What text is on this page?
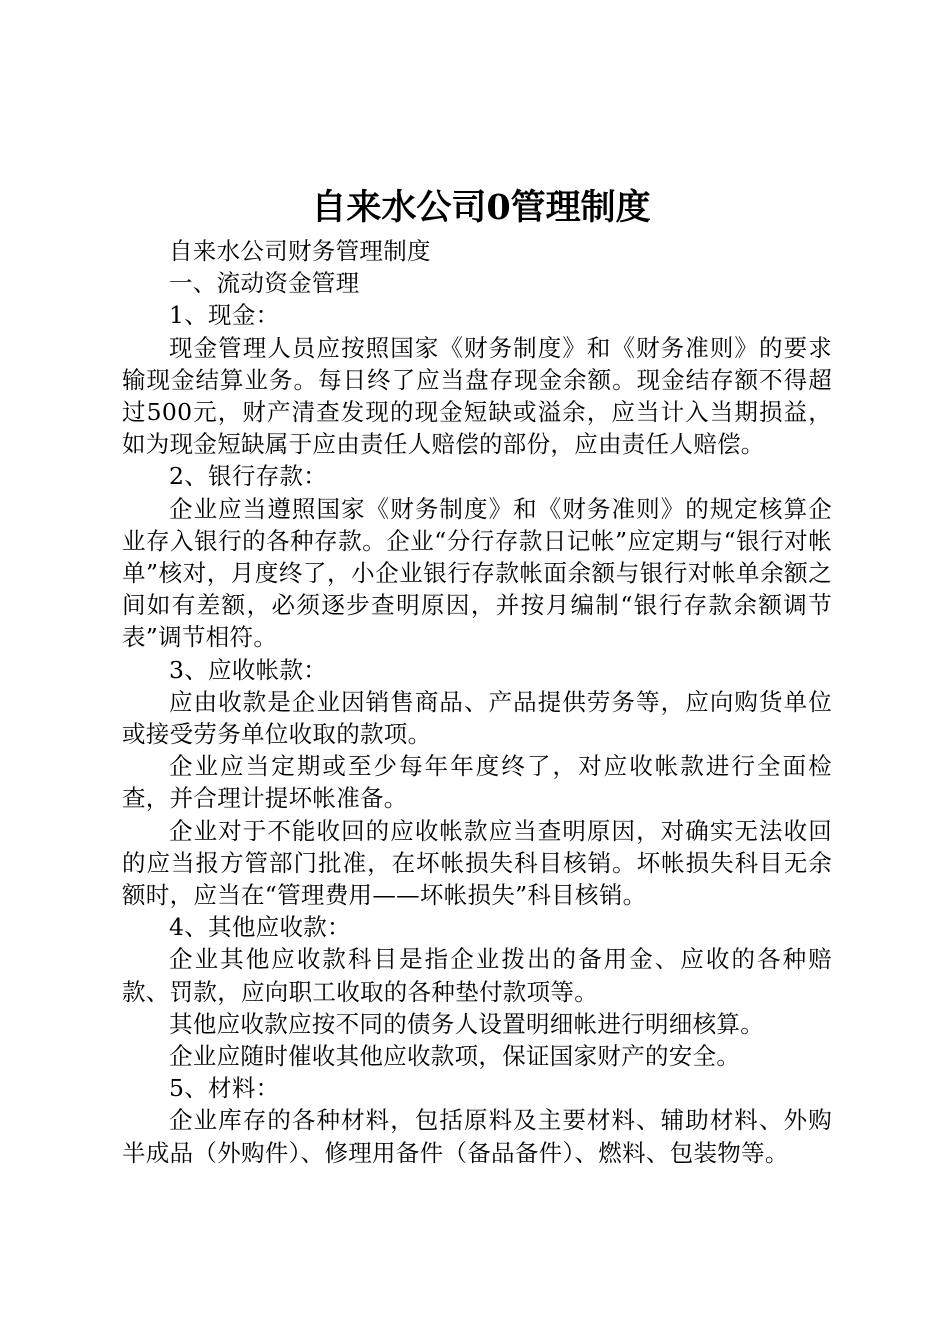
自来水公司0管理制度

自来水公司财务管理制度

一、流动资金管理

1、现金：

现金管理人员应按照国家《财务制度》和《财务准则》的要求输现金结算业务。每日终了应当盘存现金余额。现金结存额不得超过500元，财产清查发现的现金短缺或溢余，应当计入当期损益，如为现金短缺属于应由责任人赔偿的部份，应由责任人赔偿。

2、银行存款：

企业应当遵照国家《财务制度》和《财务准则》的规定核算企业存入银行的各种存款。企业“分行存款日记帐”应定期与“银行对帐单”核对，月度终了，小企业银行存款帐面余额与银行对帐单余额之间如有差额，必须逐步查明原因，并按月编制“银行存款余额调节表”调节相符。

3、应收帐款：

应由收款是企业因销售商品、产品提供劳务等，应向购货单位或接受劳务单位收取的款项。

企业应当定期或至少每年年度终了，对应收帐款进行全面检查，并合理计提坏帐准备。

企业对于不能收回的应收帐款应当查明原因，对确实无法收回的应当报方管部门批准，在坏帐损失科目核销。坏帐损失科目无余额时，应当在“管理费用——坏帐损失”科目核销。

4、其他应收款：

企业其他应收款科目是指企业拨出的备用金、应收的各种赔款、罚款，应向职工收取的各种垫付款项等。

其他应收款应按不同的债务人设置明细帐进行明细核算。

企业应随时催收其他应收款项，保证国家财产的安全。

5、材料：

企业库存的各种材料，包括原料及主要材料、辅助材料、外购半成品（外购件）、修理用备件（备品备件）、燃料、包装物等。
